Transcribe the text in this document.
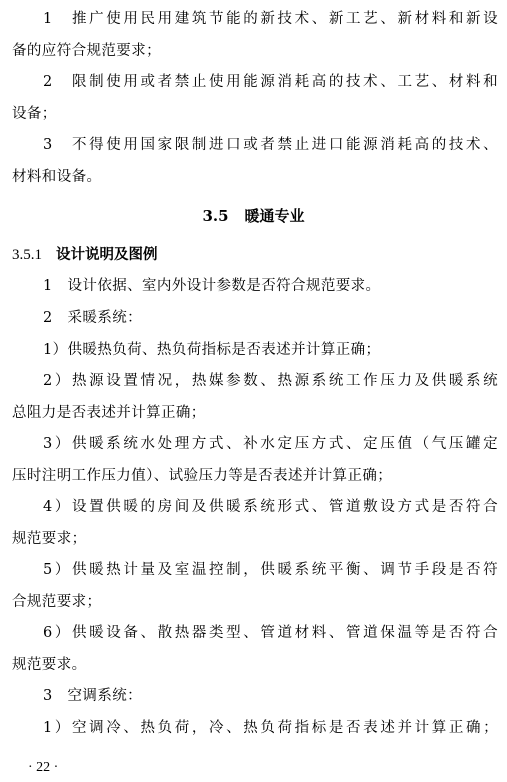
1　推广使用民用建筑节能的新技术、新工艺、新材料和新设
备的应符合规范要求；
2　限制使用或者禁止使用能源消耗高的技术、工艺、材料和
设备；
3　不得使用国家限制进口或者禁止进口能源消耗高的技术、
材料和设备。
3.5 暖通专业
3.5.1 设计说明及图例
1　设计依据、室内外设计参数是否符合规范要求。
2　采暖系统：
1）供暖热负荷、热负荷指标是否表述并计算正确；
2）热源设置情况，热媒参数、热源系统工作压力及供暖系统
总阻力是否表述并计算正确；
3）供暖系统水处理方式、补水定压方式、定压值（气压罐定
压时注明工作压力值）、试验压力等是否表述并计算正确；
4）设置供暖的房间及供暖系统形式、管道敷设方式是否符合
规范要求；
5）供暖热计量及室温控制，供暖系统平衡、调节手段是否符
合规范要求；
6）供暖设备、散热器类型、管道材料、管道保温等是否符合
规范要求。
3　空调系统：
1）空调冷、热负荷，冷、热负荷指标是否表述并计算正确；
· 22 ·
